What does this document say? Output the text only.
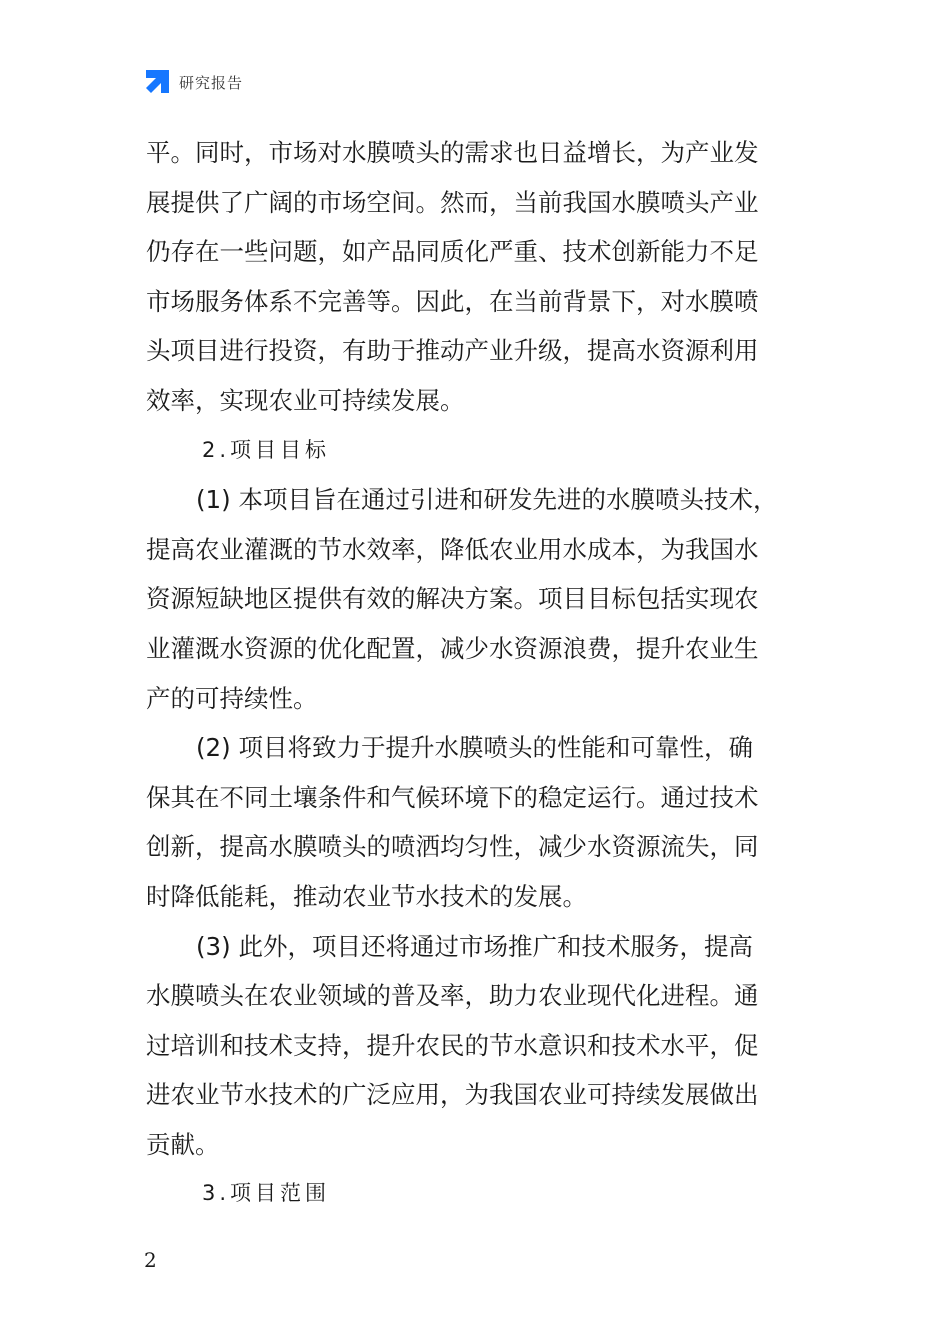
研究报告
平。同时，市场对水膜喷头的需求也日益增长，为产业发
展提供了广阔的市场空间。然而，当前我国水膜喷头产业
仍存在一些问题，如产品同质化严重、技术创新能力不足
市场服务体系不完善等。因此，在当前背景下，对水膜喷
头项目进行投资，有助于推动产业升级，提高水资源利用
效率，实现农业可持续发展。
2.项目目标
(1) 本项目旨在通过引进和研发先进的水膜喷头技术，
提高农业灌溉的节水效率，降低农业用水成本，为我国水
资源短缺地区提供有效的解决方案。项目目标包括实现农
业灌溉水资源的优化配置，减少水资源浪费，提升农业生
产的可持续性。
(2) 项目将致力于提升水膜喷头的性能和可靠性，确
保其在不同土壤条件和气候环境下的稳定运行。通过技术
创新，提高水膜喷头的喷洒均匀性，减少水资源流失，同
时降低能耗，推动农业节水技术的发展。
(3) 此外，项目还将通过市场推广和技术服务，提高
水膜喷头在农业领域的普及率，助力农业现代化进程。通
过培训和技术支持，提升农民的节水意识和技术水平，促
进农业节水技术的广泛应用，为我国农业可持续发展做出
贡献。
3.项目范围
2
